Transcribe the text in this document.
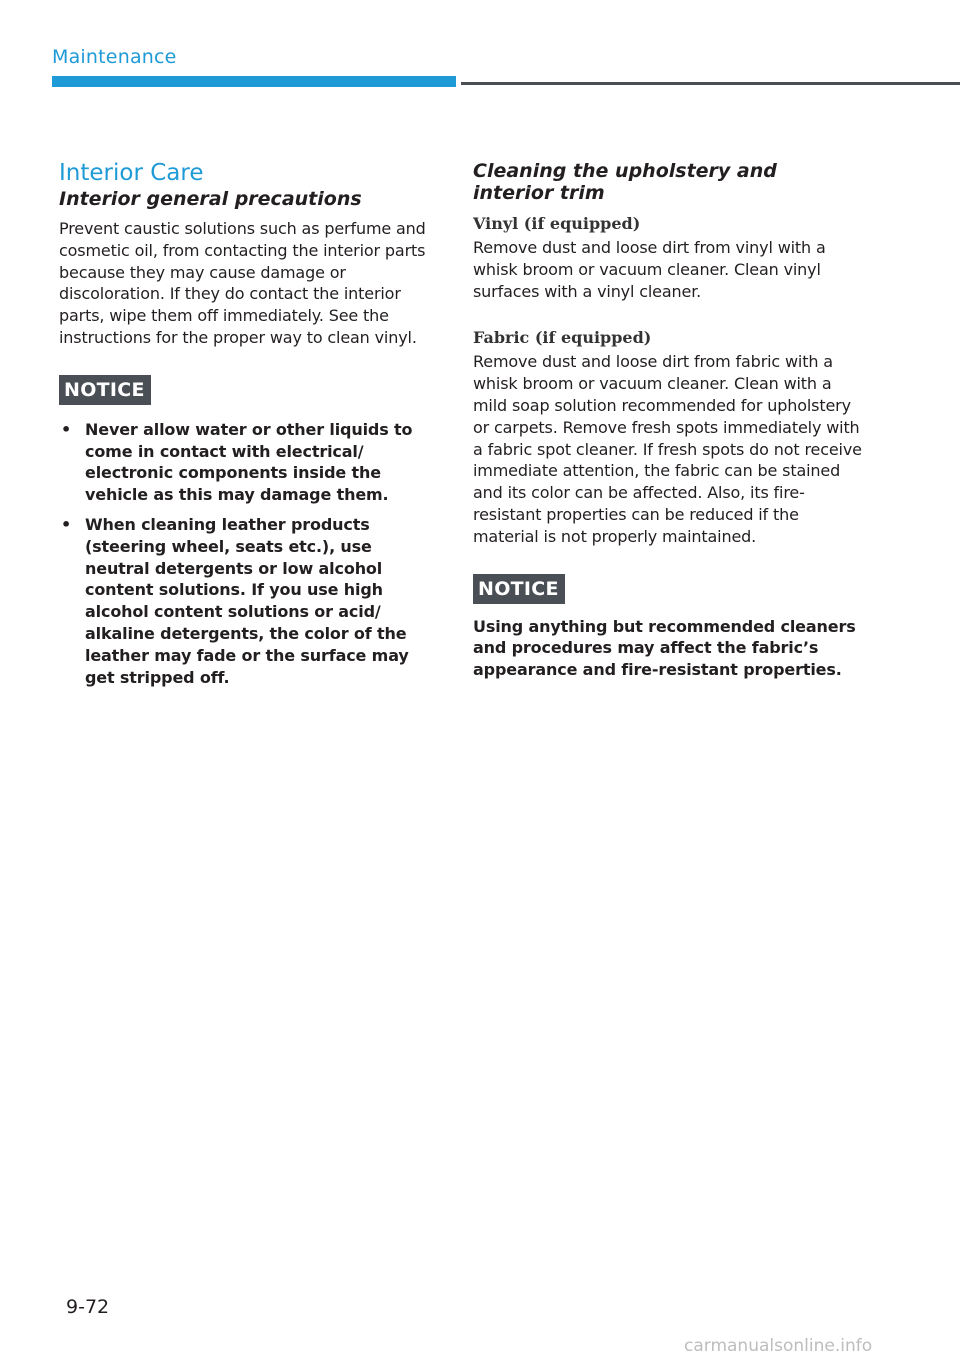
Maintenance
Interior Care
Interior general precautions

Prevent caustic solutions such as perfume and cosmetic oil, from contacting the interior parts because they may cause damage or discoloration. If they do contact the interior parts, wipe them off immediately. See the instructions for the proper way to clean vinyl.

NOTICE
• Never allow water or other liquids to come in contact with electrical/ electronic components inside the vehicle as this may damage them.
• When cleaning leather products (steering wheel, seats etc.), use neutral detergents or low alcohol content solutions. If you use high alcohol content solutions or acid/ alkaline detergents, the color of the leather may fade or the surface may get stripped off.
Cleaning the upholstery and interior trim
Vinyl (if equipped)

Remove dust and loose dirt from vinyl with a whisk broom or vacuum cleaner. Clean vinyl surfaces with a vinyl cleaner.

Fabric (if equipped)

Remove dust and loose dirt from fabric with a whisk broom or vacuum cleaner. Clean with a mild soap solution recommended for upholstery or carpets. Remove fresh spots immediately with a fabric spot cleaner. If fresh spots do not receive immediate attention, the fabric can be stained and its color can be affected. Also, its fire-resistant properties can be reduced if the material is not properly maintained.

NOTICE

Using anything but recommended cleaners and procedures may affect the fabric’s appearance and fire-resistant properties.

9-72
carmanualsonline.info
